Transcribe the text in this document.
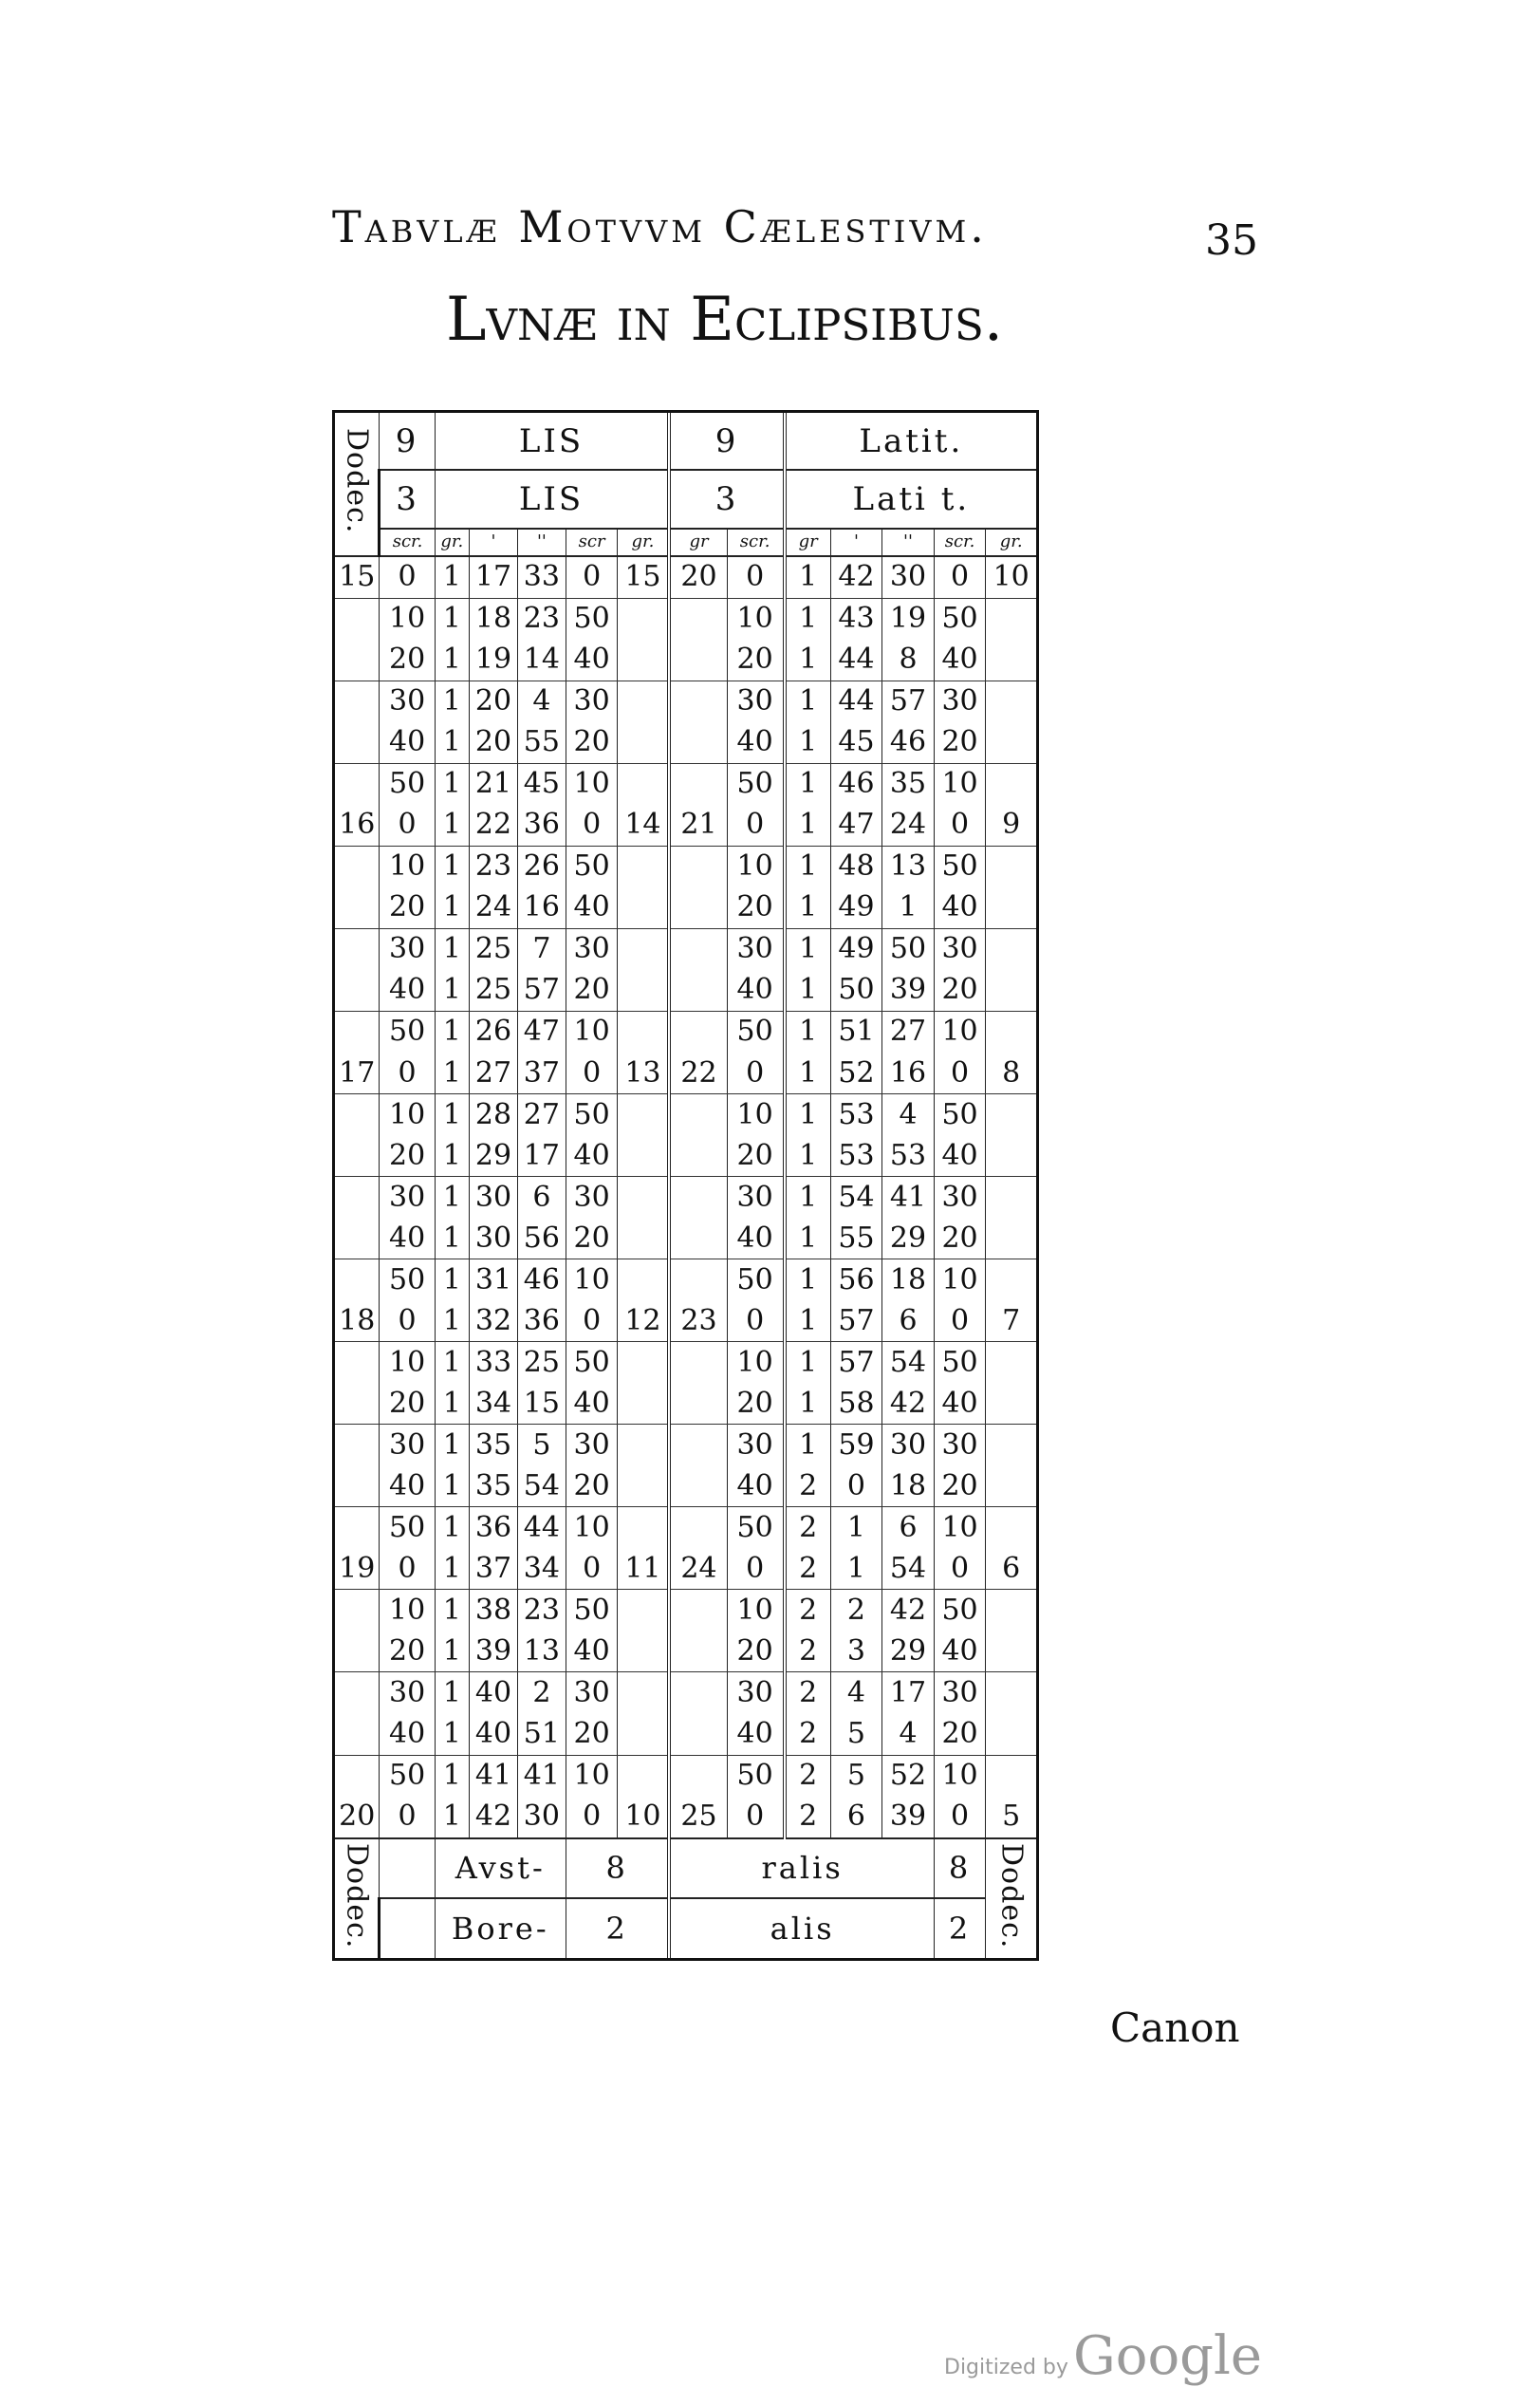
Tabvlæ Motvvm Cælestivm.	35
Lvnæ in Eclipsibus.
Dodec.	9	LIS					9		Latit.				
	3	LIS					3		Lati t.				
	scr.	gr.	'	''	scr	gr.	gr	scr.	gr	'	''	scr.	gr.
15	0	1	17	33	0	15	20	0	1	42	30	0	10
	10	1	18	23	50			10	1	43	19	50	
	20	1	19	14	40			20	1	44	8	40	
	30	1	20	4	30			30	1	44	57	30	
	40	1	20	55	20			40	1	45	46	20	
	50	1	21	45	10			50	1	46	35	10	
16	0	1	22	36	0	14	21	0	1	47	24	0	9
	10	1	23	26	50			10	1	48	13	50	
	20	1	24	16	40			20	1	49	1	40	
	30	1	25	7	30			30	1	49	50	30	
	40	1	25	57	20			40	1	50	39	20	
	50	1	26	47	10			50	1	51	27	10	
17	0	1	27	37	0	13	22	0	1	52	16	0	8
	10	1	28	27	50			10	1	53	4	50	
	20	1	29	17	40			20	1	53	53	40	
	30	1	30	6	30			30	1	54	41	30	
	40	1	30	56	20			40	1	55	29	20	
	50	1	31	46	10			50	1	56	18	10	
18	0	1	32	36	0	12	23	0	1	57	6	0	7
	10	1	33	25	50			10	1	57	54	50	
	20	1	34	15	40			20	1	58	42	40	
	30	1	35	5	30			30	1	59	30	30	
	40	1	35	54	20			40	2	0	18	20	
	50	1	36	44	10			50	2	1	6	10	
19	0	1	37	34	0	11	24	0	2	1	54	0	6
	10	1	38	23	50			10	2	2	42	50	
	20	1	39	13	40			20	2	3	29	40	
	30	1	40	2	30			30	2	4	17	30	
	40	1	40	51	20			40	2	5	4	20	
	50	1	41	41	10			50	2	5	52	10	
20	0	1	42	30	0	10	25	0	2	6	39	0	5
Dodec.		Avst-			8		ralis					8	Dodec.
		Bore-			2		alis					2	
Canon
Digitized by Google
